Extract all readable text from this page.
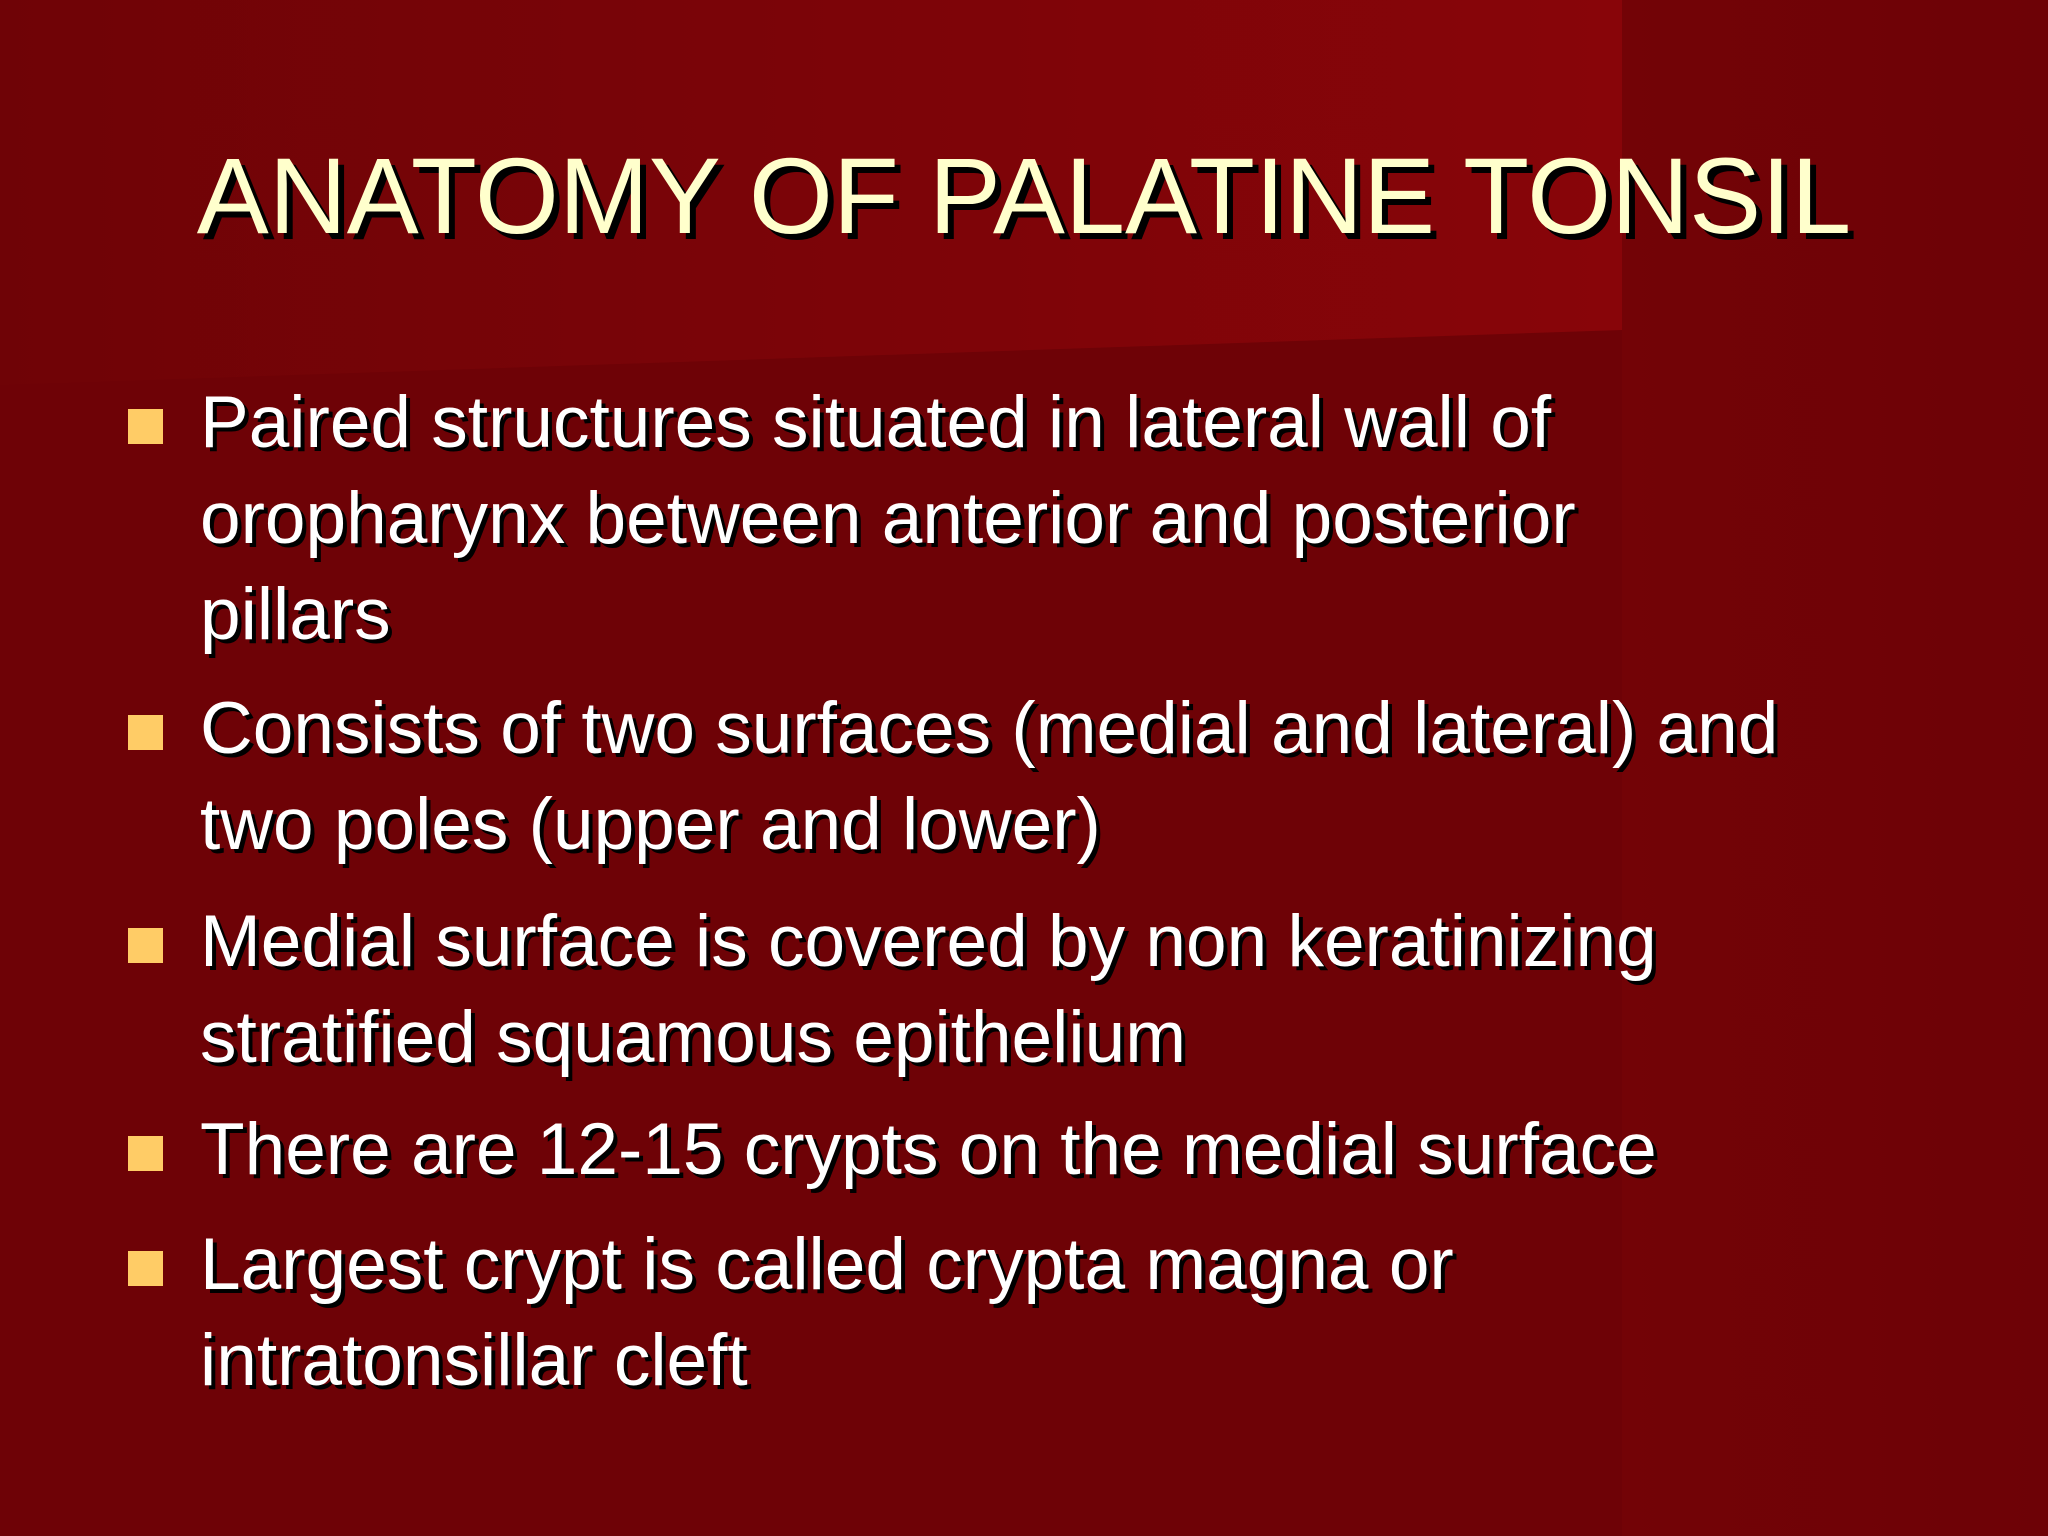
ANATOMY OF PALATINE TONSIL
Paired structures situated in lateral wall of
oropharynx between anterior and posterior
pillars
Consists of two surfaces (medial and lateral) and
two poles (upper and lower)
Medial surface is covered by non keratinizing
stratified squamous epithelium
There are 12-15 crypts on the medial surface
Largest crypt is called crypta magna or
intratonsillar cleft
